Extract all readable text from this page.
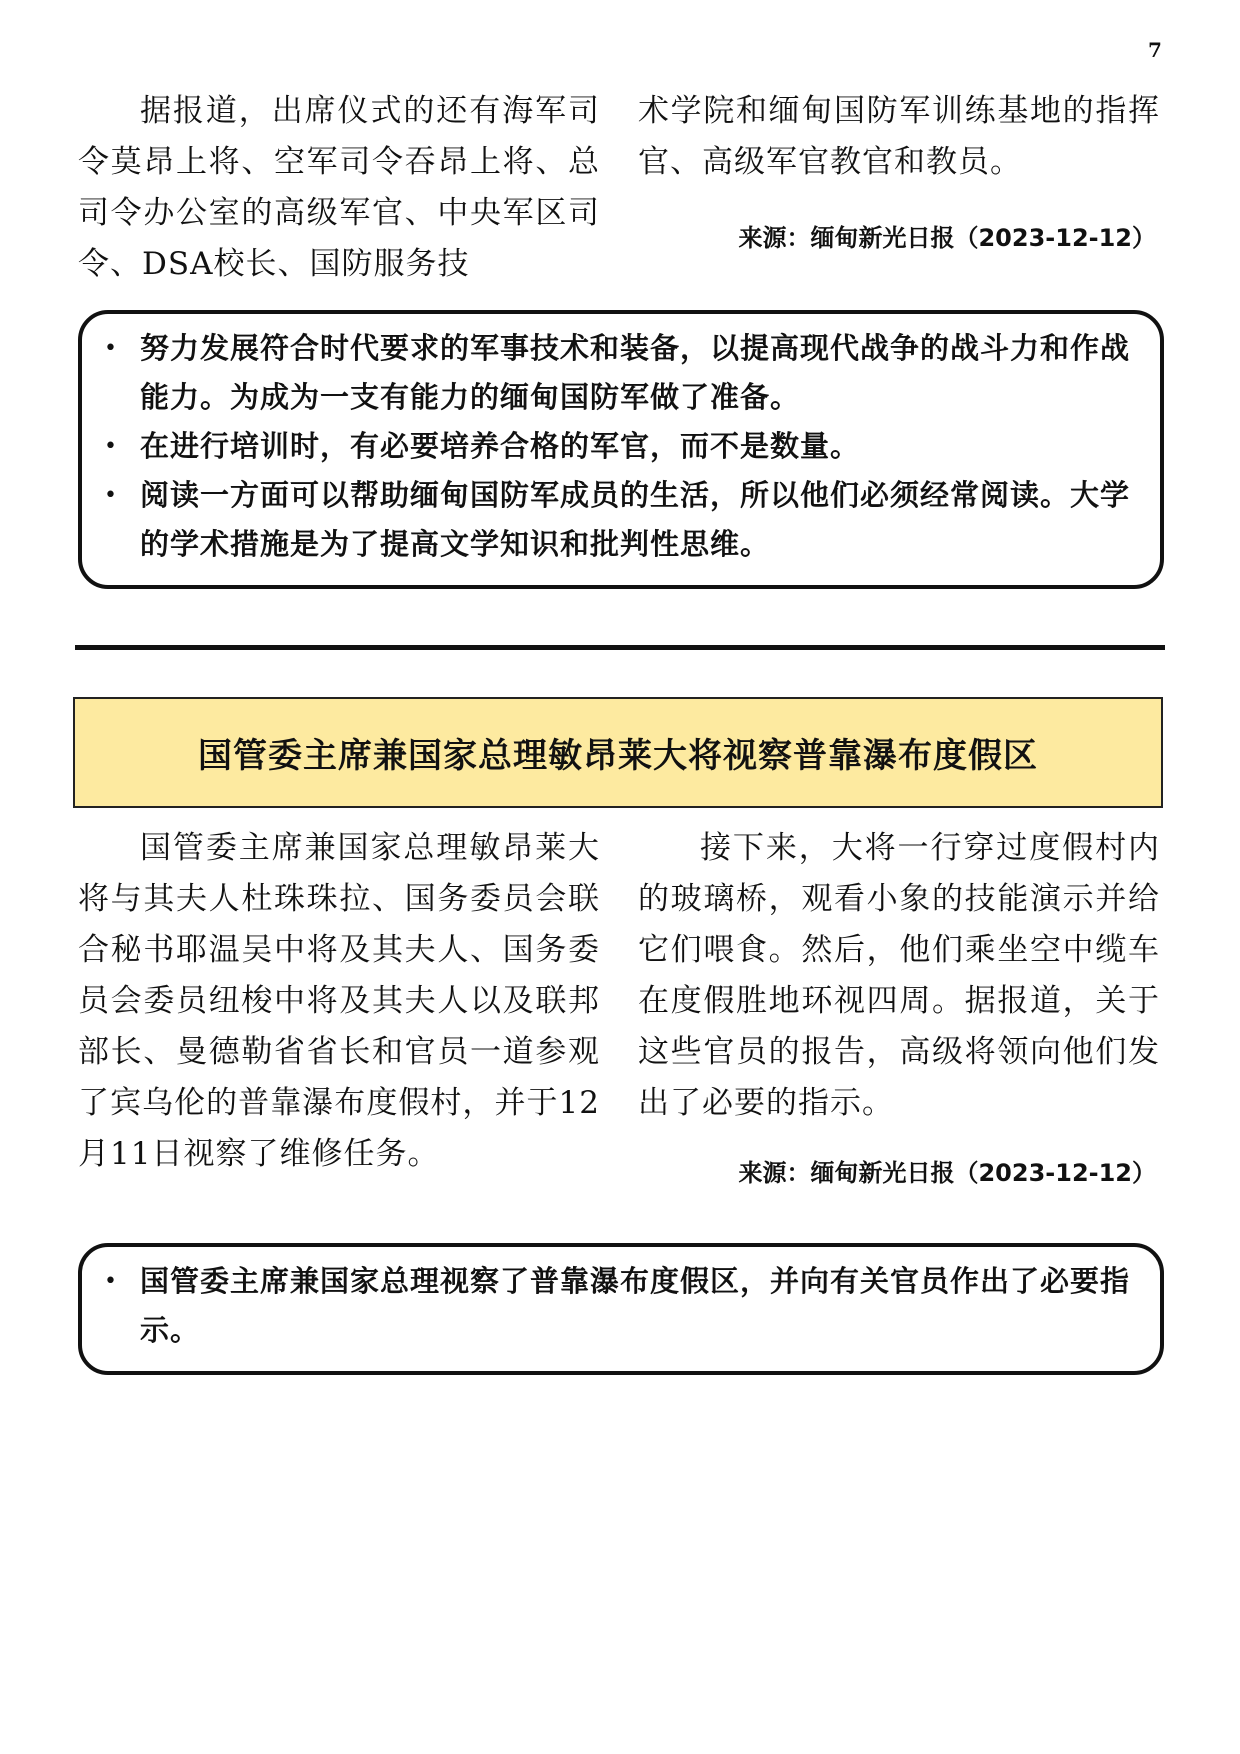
7

据报道，出席仪式的还有海军司令莫昂上将、空军司令吞昂上将、总司令办公室的高级军官、中央军区司令、DSA校长、国防服务技

术学院和缅甸国防军训练基地的指挥官、高级军官教官和教员。

来源：缅甸新光日报（2023-12-12）

• 努力发展符合时代要求的军事技术和装备，以提高现代战争的战斗力和作战能力。为成为一支有能力的缅甸国防军做了准备。
• 在进行培训时，有必要培养合格的军官，而不是数量。
• 阅读一方面可以帮助缅甸国防军成员的生活，所以他们必须经常阅读。大学的学术措施是为了提高文学知识和批判性思维。
国管委主席兼国家总理敏昂莱大将视察普靠瀑布度假区

国管委主席兼国家总理敏昂莱大将与其夫人杜珠珠拉、国务委员会联合秘书耶温吴中将及其夫人、国务委员会委员纽梭中将及其夫人以及联邦部长、曼德勒省省长和官员一道参观了宾乌伦的普靠瀑布度假村，并于12月11日视察了维修任务。

接下来，大将一行穿过度假村内的玻璃桥，观看小象的技能演示并给它们喂食。然后，他们乘坐空中缆车在度假胜地环视四周。据报道，关于这些官员的报告，高级将领向他们发出了必要的指示。

来源：缅甸新光日报（2023-12-12）

• 国管委主席兼国家总理视察了普靠瀑布度假区，并向有关官员作出了必要指示。
